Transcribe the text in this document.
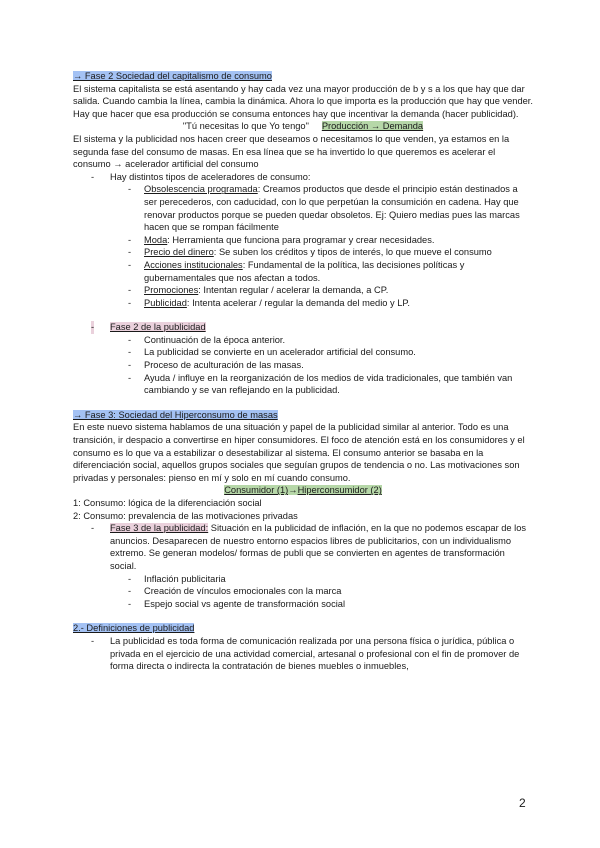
→ Fase 2 Sociedad del capitalismo de consumo

El sistema capitalista se está asentando y hay cada vez una mayor producción de b y s a los que hay que dar salida. Cuando cambia la línea, cambia la dinámica. Ahora lo que importa es la producción que hay que vender. Hay que hacer que esa producción se consuma entonces hay que incentivar la demanda (hacer publicidad).

"Tú necesitas lo que Yo tengo" Producción → Demanda

El sistema y la publicidad nos hacen creer que deseamos o necesitamos lo que venden, ya estamos en la segunda fase del consumo de masas. En esa línea que se ha invertido lo que queremos es acelerar el consumo → acelerador artificial del consumo

- Hay distintos tipos de aceleradores de consumo:
- Obsolescencia programada: Creamos productos que desde el principio están destinados a ser perecederos, con caducidad, con lo que perpetúan la consumición en cadena. Hay que renovar productos porque se pueden quedar obsoletos. Ej: Quiero medias pues las marcas hacen que se rompan fácilmente
- Moda: Herramienta que funciona para programar y crear necesidades.
- Precio del dinero: Se suben los créditos y tipos de interés, lo que mueve el consumo
- Acciones institucionales: Fundamental de la política, las decisiones políticas y gubernamentales que nos afectan a todos.
- Promociones: Intentan regular / acelerar la demanda, a CP.
- Publicidad: Intenta acelerar / regular la demanda del medio y LP.
- Fase 2 de la publicidad
- Continuación de la época anterior.
- La publicidad se convierte en un acelerador artificial del consumo.
- Proceso de aculturación de las masas.
- Ayuda / influye en la reorganización de los medios de vida tradicionales, que también van cambiando y se van reflejando en la publicidad.

→ Fase 3: Sociedad del Hiperconsumo de masas

En este nuevo sistema hablamos de una situación y papel de la publicidad similar al anterior. Todo es una transición, ir despacio a convertirse en hiper consumidores. El foco de atención está en los consumidores y el consumo es lo que va a estabilizar o desestabilizar al sistema. El consumo anterior se basaba en la diferenciación social, aquellos grupos sociales que seguían grupos de tendencia o no. Las motivaciones son privadas y personales: pienso en mí y solo en mí cuando consumo.

Consumidor (1)→Hiperconsumidor (2)

1: Consumo: lógica de la diferenciación social

2: Consumo: prevalencia de las motivaciones privadas

- Fase 3 de la publicidad: Situación en la publicidad de inflación, en la que no podemos escapar de los anuncios. Desaparecen de nuestro entorno espacios libres de publicitarios, con un individualismo extremo. Se generan modelos/ formas de publi que se convierten en agentes de transformación social.
- Inflación publicitaria
- Creación de vínculos emocionales con la marca
- Espejo social vs agente de transformación social

2.- Definiciones de publicidad

- La publicidad es toda forma de comunicación realizada por una persona física o jurídica, pública o privada en el ejercicio de una actividad comercial, artesanal o profesional con el fin de promover de forma directa o indirecta la contratación de bienes muebles o inmuebles,
2
